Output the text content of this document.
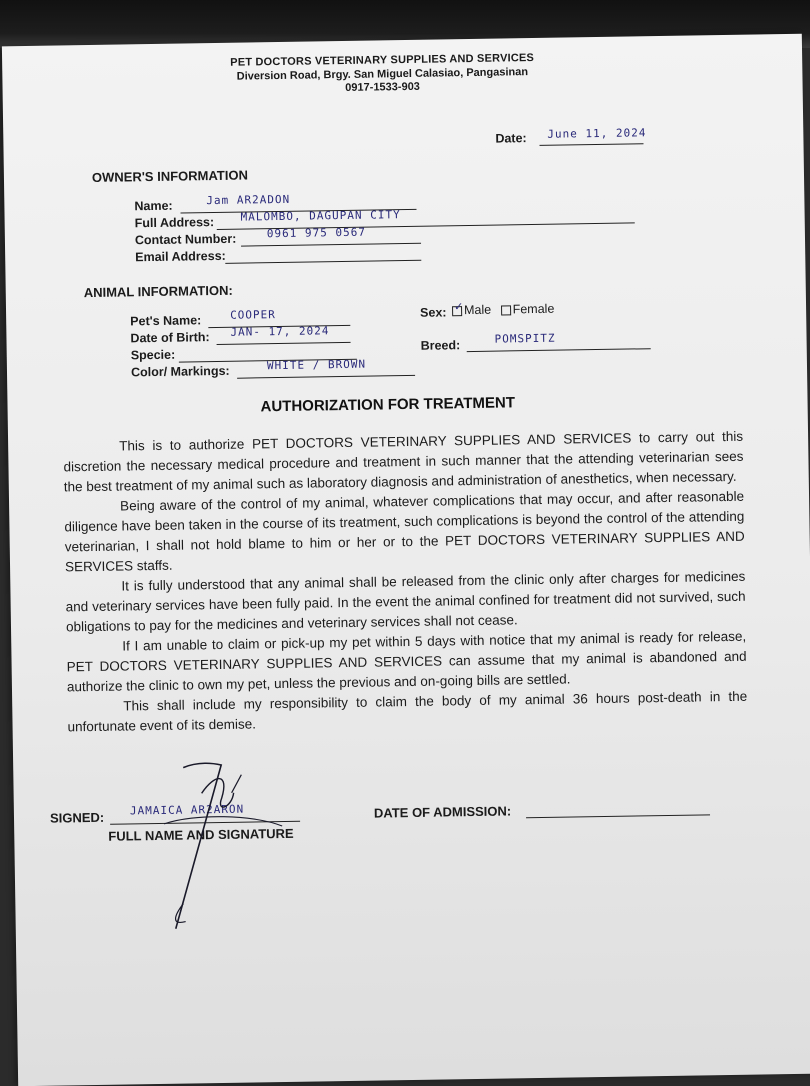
PET DOCTORS VETERINARY SUPPLIES AND SERVICES
Diversion Road, Brgy. San Miguel Calasiao, Pangasinan
0917-1533-903
Date: June 11, 2024
OWNER'S INFORMATION
Name:	Jam AR2ADON
Full Address: MALOMBO, DAGUPAN CITY
Contact Number:	0961 975 0567
Email Address:
ANIMAL INFORMATION:
Pet's Name:	COOPER
Date of Birth: JAN- 17, 2024
Specie:
Color/ Markings:	WHITE / BROWN
Sex: ✓ Male Female
Breed:	POMSPITZ
AUTHORIZATION FOR TREATMENT

This is to authorize PET DOCTORS VETERINARY SUPPLIES AND SERVICES to carry out this discretion the necessary medical procedure and treatment in such manner that the attending veterinarian sees the best treatment of my animal such as laboratory diagnosis and administration of anesthetics, when necessary.

Being aware of the control of my animal, whatever complications that may occur, and after reasonable diligence have been taken in the course of its treatment, such complications is beyond the control of the attending veterinarian, I shall not hold blame to him or her or to the PET DOCTORS VETERINARY SUPPLIES AND SERVICES staffs.

It is fully understood that any animal shall be released from the clinic only after charges for medicines and veterinary services have been fully paid. In the event the animal confined for treatment did not survived, such obligations to pay for the medicines and veterinary services shall not cease.

If I am unable to claim or pick-up my pet within 5 days with notice that my animal is ready for release, PET DOCTORS VETERINARY SUPPLIES AND SERVICES can assume that my animal is abandoned and authorize the clinic to own my pet, unless the previous and on-going bills are settled.

This shall include my responsibility to claim the body of my animal 36 hours post-death in the unfortunate event of its demise.

SIGNED: JAMAICA AR2ARON
FULL NAME AND SIGNATURE
DATE OF ADMISSION:
